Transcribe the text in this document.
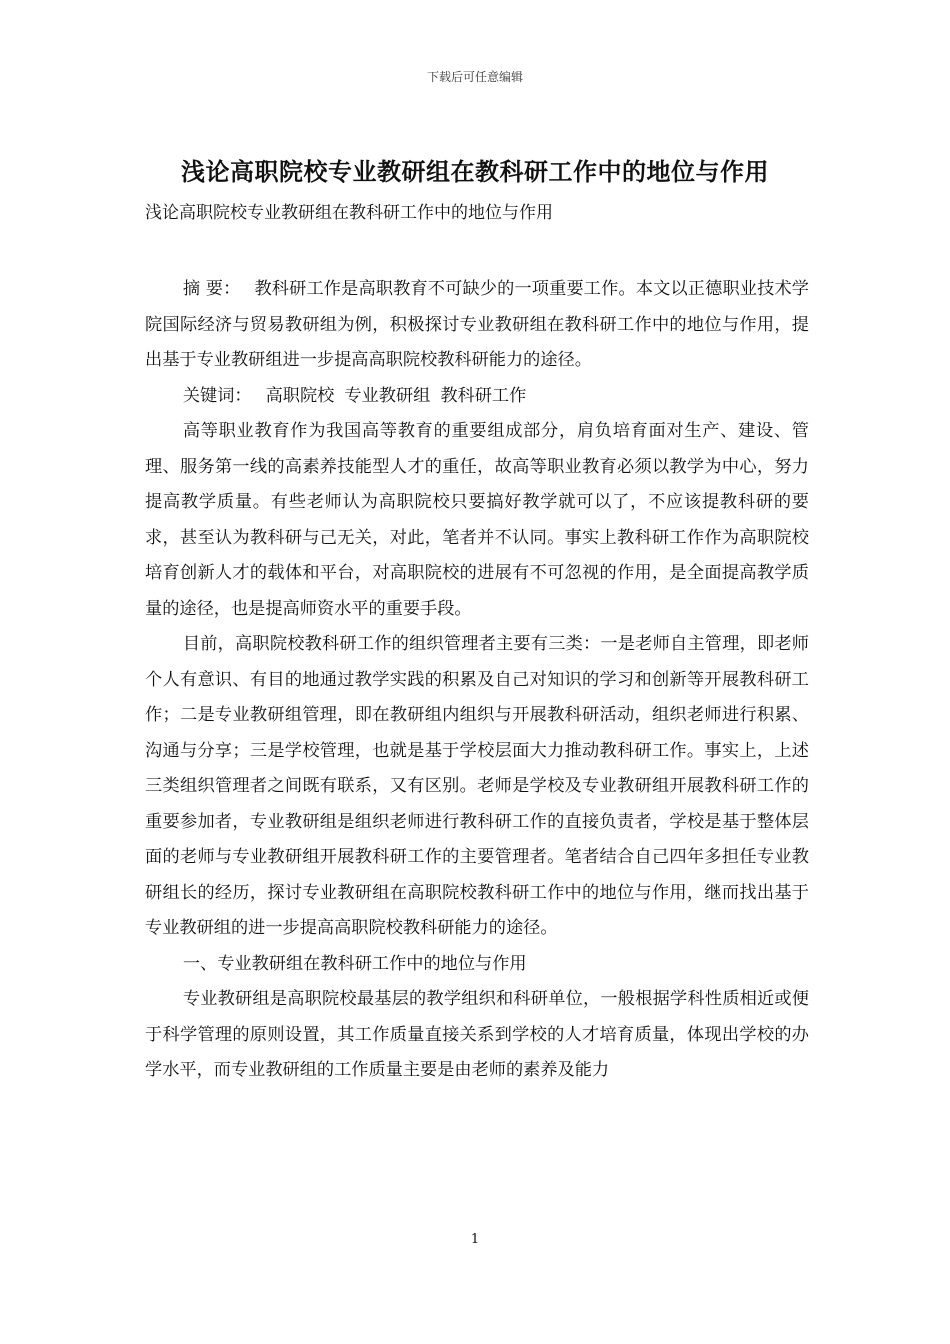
下载后可任意编辑
浅论高职院校专业教研组在教科研工作中的地位与作用
浅论高职院校专业教研组在教科研工作中的地位与作用

摘 要： 教科研工作是高职教育不可缺少的一项重要工作。本文以正德职业技术学院国际经济与贸易教研组为例，积极探讨专业教研组在教科研工作中的地位与作用，提出基于专业教研组进一步提高高职院校教科研能力的途径。

关键词： 高职院校 专业教研组 教科研工作

高等职业教育作为我国高等教育的重要组成部分，肩负培育面对生产、建设、管理、服务第一线的高素养技能型人才的重任，故高等职业教育必须以教学为中心，努力提高教学质量。有些老师认为高职院校只要搞好教学就可以了，不应该提教科研的要求，甚至认为教科研与己无关，对此，笔者并不认同。事实上教科研工作作为高职院校培育创新人才的载体和平台，对高职院校的进展有不可忽视的作用，是全面提高教学质量的途径，也是提高师资水平的重要手段。

目前，高职院校教科研工作的组织管理者主要有三类：一是老师自主管理，即老师个人有意识、有目的地通过教学实践的积累及自己对知识的学习和创新等开展教科研工作；二是专业教研组管理，即在教研组内组织与开展教科研活动，组织老师进行积累、沟通与分享；三是学校管理，也就是基于学校层面大力推动教科研工作。事实上，上述三类组织管理者之间既有联系，又有区别。老师是学校及专业教研组开展教科研工作的重要参加者，专业教研组是组织老师进行教科研工作的直接负责者，学校是基于整体层面的老师与专业教研组开展教科研工作的主要管理者。笔者结合自己四年多担任专业教研组长的经历，探讨专业教研组在高职院校教科研工作中的地位与作用，继而找出基于专业教研组的进一步提高高职院校教科研能力的途径。

一、专业教研组在教科研工作中的地位与作用

专业教研组是高职院校最基层的教学组织和科研单位，一般根据学科性质相近或便于科学管理的原则设置，其工作质量直接关系到学校的人才培育质量，体现出学校的办学水平，而专业教研组的工作质量主要是由老师的素养及能力

1
